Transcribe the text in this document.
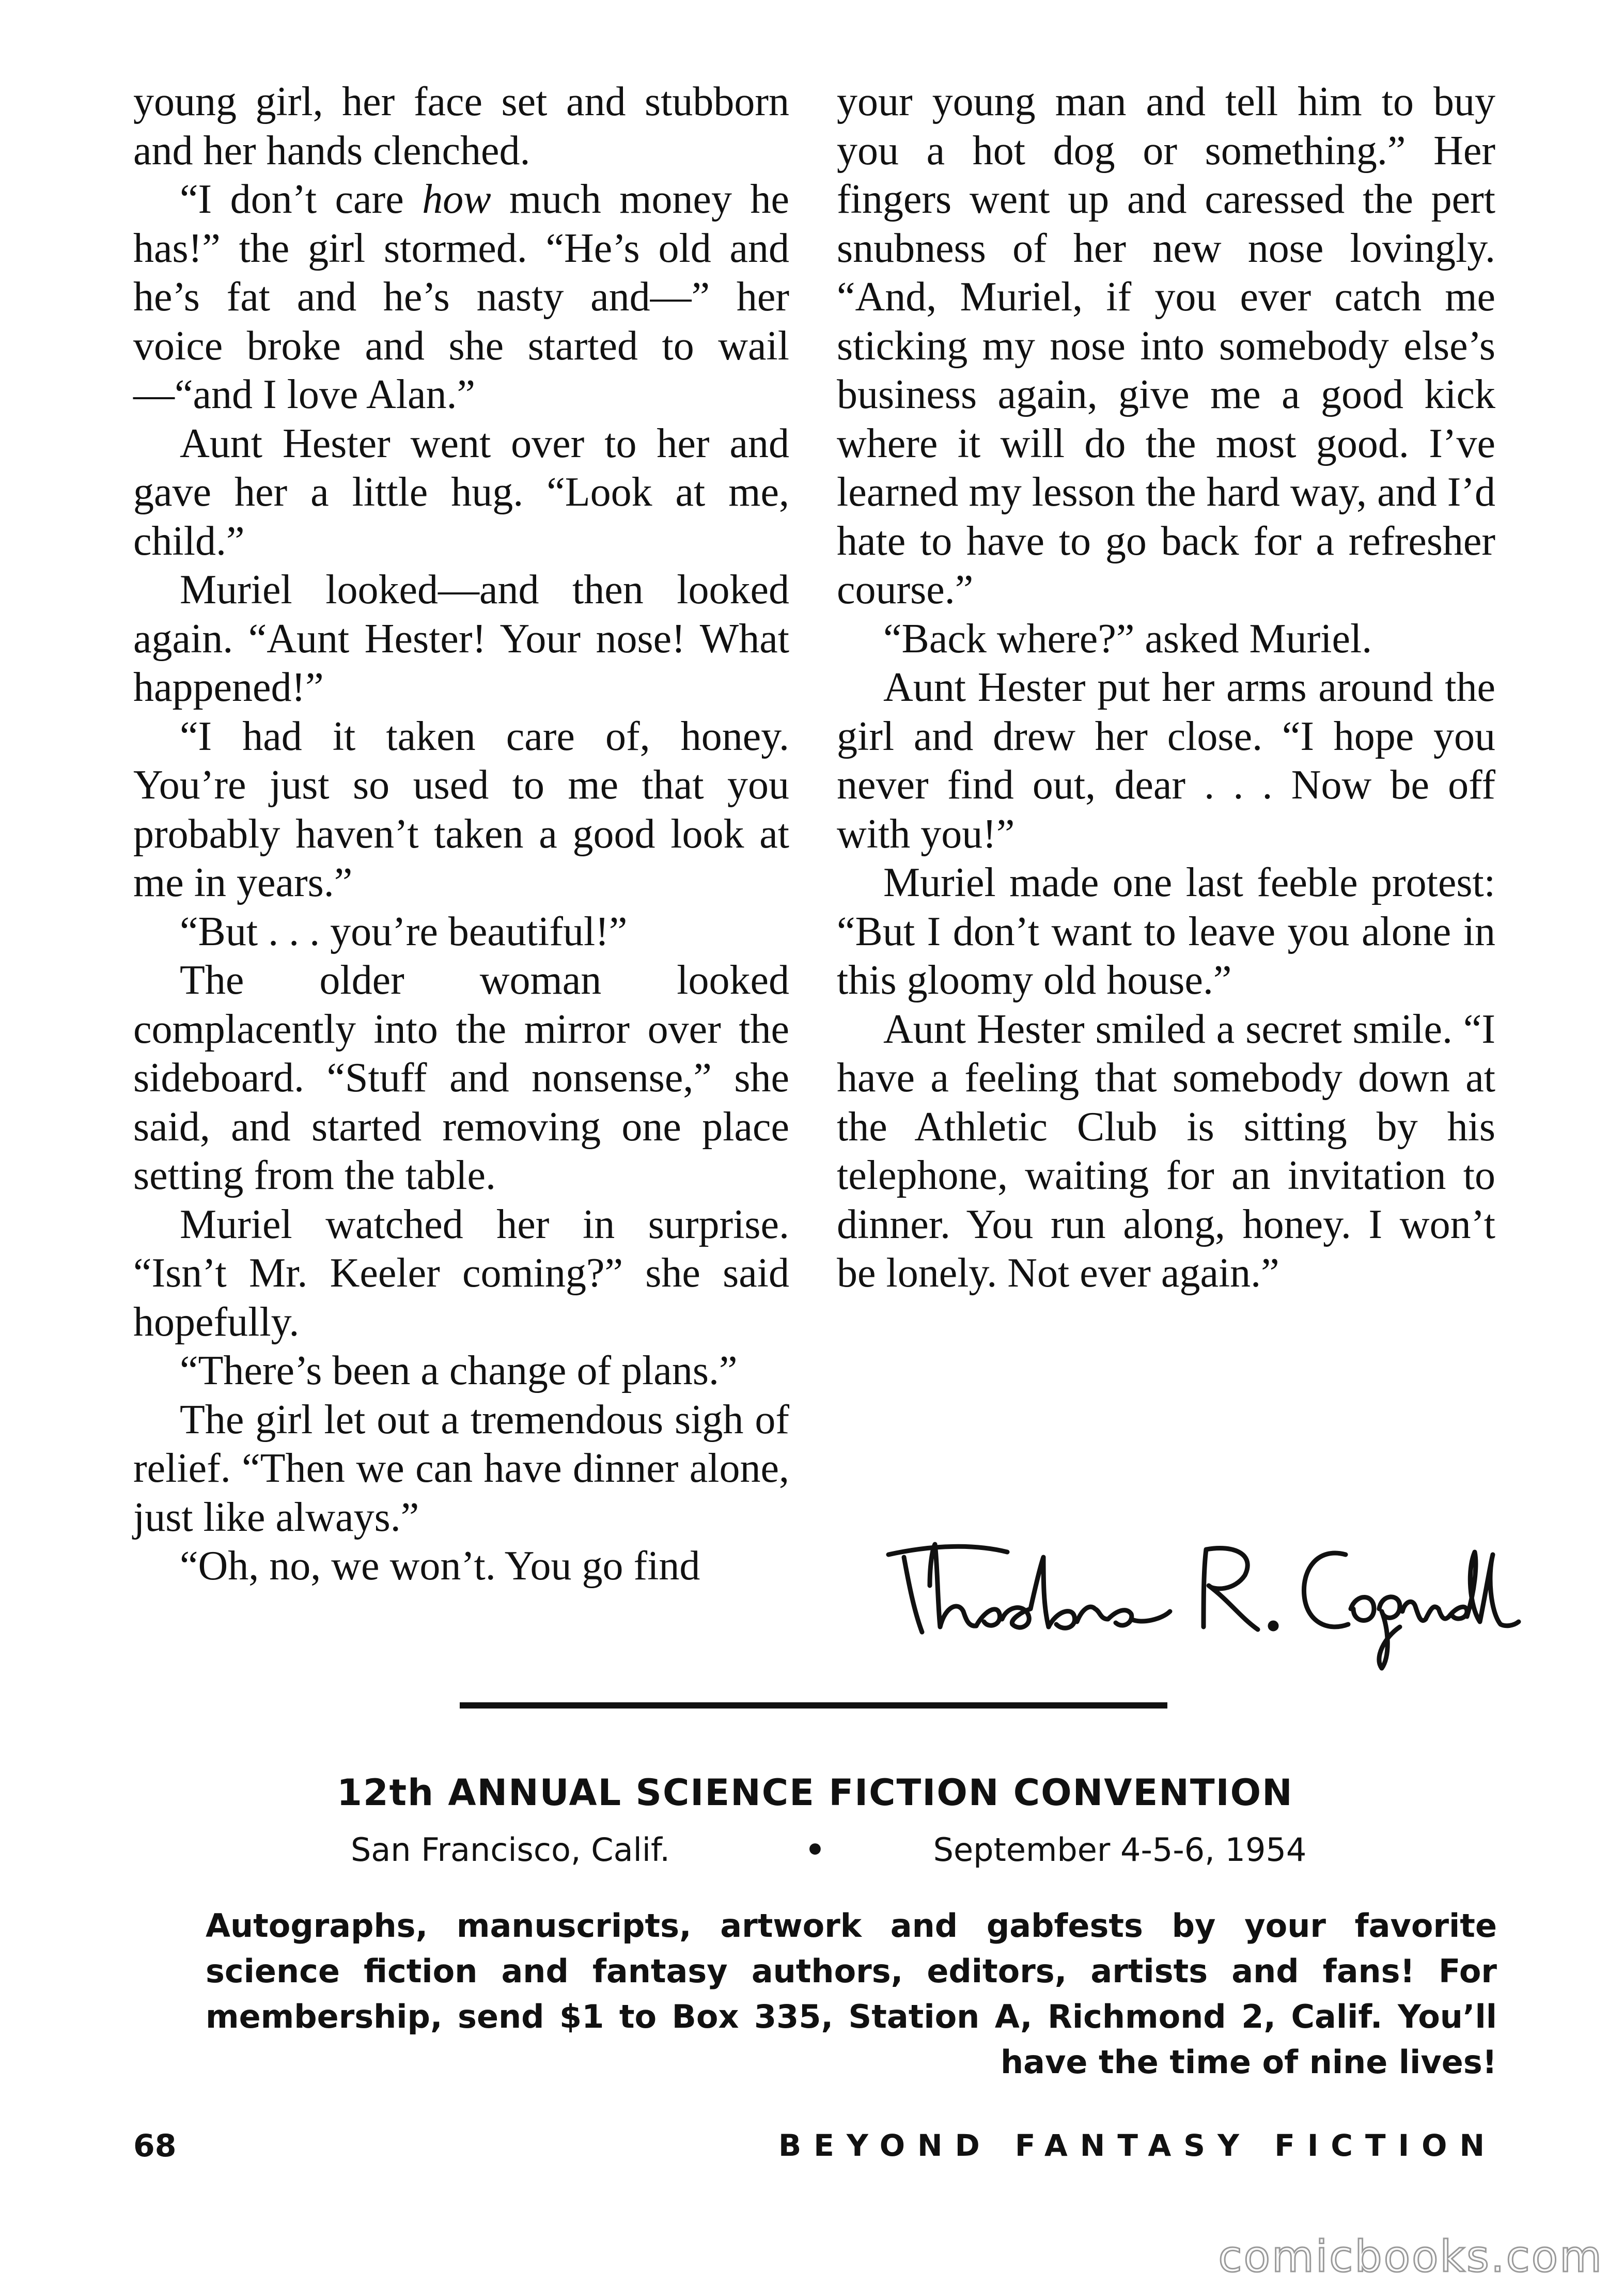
young girl, her face set and stubborn and her hands clenched.

“I don’t care how much money he has!” the girl stormed. “He’s old and he’s fat and he’s nasty and—” her voice broke and she started to wail—“and I love Alan.”

Aunt Hester went over to her and gave her a little hug. “Look at me, child.”

Muriel looked—and then looked again. “Aunt Hester! Your nose! What happened!”

“I had it taken care of, honey. You’re just so used to me that you probably haven’t taken a good look at me in years.”

“But . . . you’re beautiful!”

The older woman looked complacently into the mirror over the sideboard. “Stuff and nonsense,” she said, and started removing one place setting from the table.

Muriel watched her in surprise. “Isn’t Mr. Keeler coming?” she said hopefully.

“There’s been a change of plans.”

The girl let out a tremendous sigh of relief. “Then we can have dinner alone, just like always.”

“Oh, no, we won’t. You go find

your young man and tell him to buy you a hot dog or something.” Her fingers went up and caressed the pert snubness of her new nose lovingly. “And, Muriel, if you ever catch me sticking my nose into somebody else’s business again, give me a good kick where it will do the most good. I’ve learned my lesson the hard way, and I’d hate to have to go back for a refresher course.”

“Back where?” asked Muriel.

Aunt Hester put her arms around the girl and drew her close. “I hope you never find out, dear . . . Now be off with you!”

Muriel made one last feeble protest: “But I don’t want to leave you alone in this gloomy old house.”

Aunt Hester smiled a secret smile. “I have a feeling that somebody down at the Athletic Club is sitting by his telephone, waiting for an invitation to dinner. You run along, honey. I won’t be lonely. Not ever again.”

12th ANNUAL SCIENCE FICTION CONVENTION
San Francisco, Calif.	•	September 4-5-6, 1954
Autographs, manuscripts, artwork and gabfests by your favorite science fiction and fantasy authors, editors, artists and fans! For membership, send $1 to Box 335, Station A, Richmond 2, Calif. You’ll have the time of nine lives!
68	BEYOND FANTASY FICTION
comicbooks.com
